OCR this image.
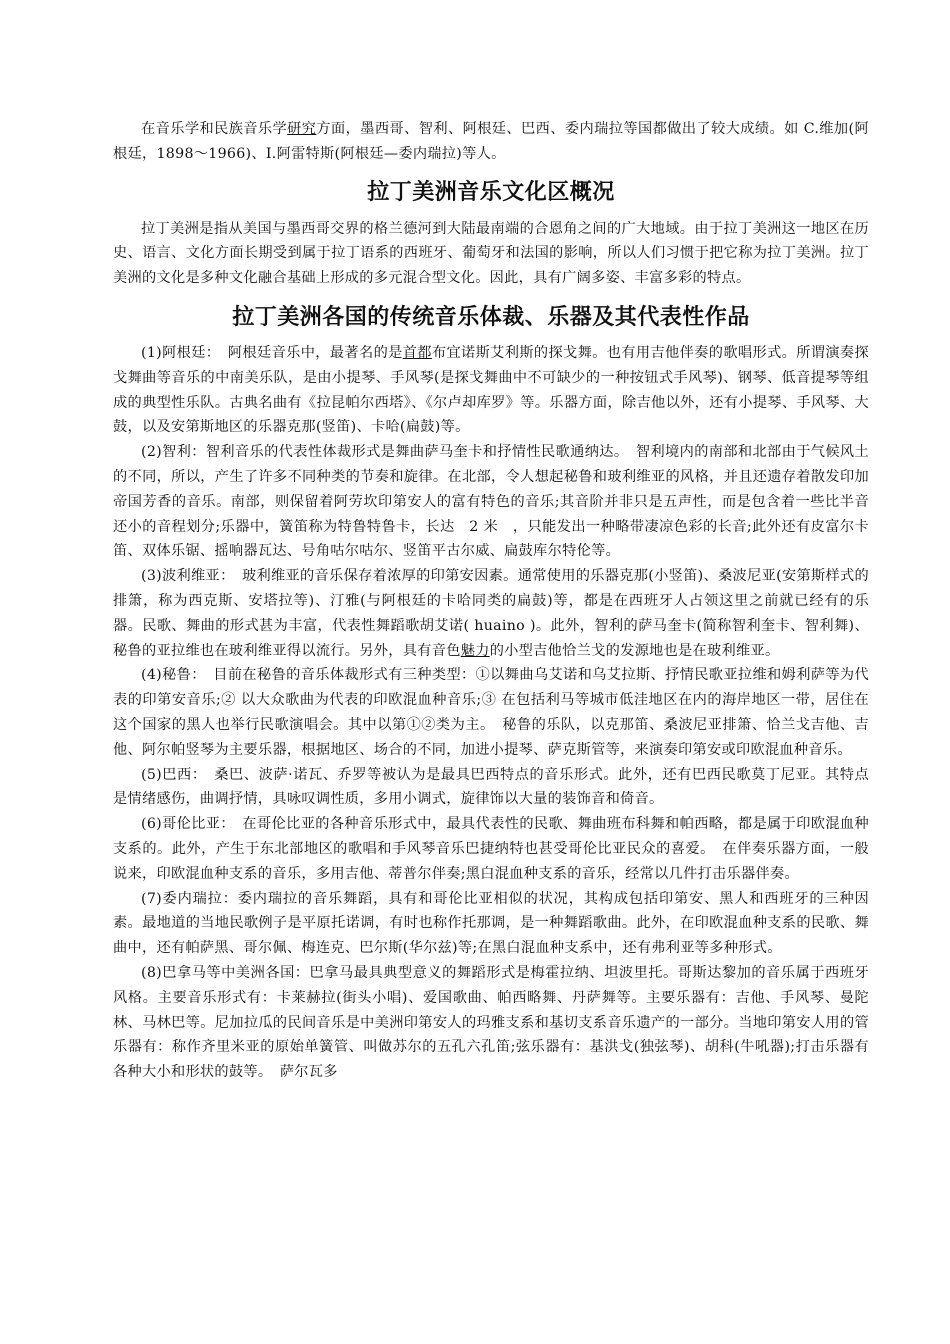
在音乐学和民族音乐学研究方面，墨西哥、智利、阿根廷、巴西、委内瑞拉等国都做出了较大成绩。如 C.维加(阿根廷，1898～1966)、I.阿雷特斯(阿根廷—委内瑞拉)等人。

拉丁美洲音乐文化区概况

拉丁美洲是指从美国与墨西哥交界的格兰德河到大陆最南端的合恩角之间的广大地域。由于拉丁美洲这一地区在历史、语言、文化方面长期受到属于拉丁语系的西班牙、葡萄牙和法国的影响，所以人们习惯于把它称为拉丁美洲。拉丁美洲的文化是多种文化融合基础上形成的多元混合型文化。因此，具有广阔多姿、丰富多彩的特点。

拉丁美洲各国的传统音乐体裁、乐器及其代表性作品

(1)阿根廷：　阿根廷音乐中，最著名的是首都布宜诺斯艾利斯的探戈舞。也有用吉他伴奏的歌唱形式。所谓演奏探戈舞曲等音乐的中南美乐队，是由小提琴、手风琴(是探戈舞曲中不可缺少的一种按钮式手风琴)、钢琴、低音提琴等组成的典型性乐队。古典名曲有《拉昆帕尔西塔》、《尔卢却库罗》等。乐器方面，除吉他以外，还有小提琴、手风琴、大鼓，以及安第斯地区的乐器克那(竖笛)、卡哈(扁鼓)等。

(2)智利：智利音乐的代表性体裁形式是舞曲萨马奎卡和抒情性民歌通纳达。　智利境内的南部和北部由于气候风土的不同，所以，产生了许多不同种类的节奏和旋律。在北部，令人想起秘鲁和玻利维亚的风格，并且还遗存着散发印加帝国芳香的音乐。南部，则保留着阿劳坎印第安人的富有特色的音乐;其音阶并非只是五声性，而是包含着一些比半音还小的音程划分;乐器中，簧笛称为特鲁特鲁卡，长达　2 米　，只能发出一种略带凄凉色彩的长音;此外还有皮富尔卡笛、双体乐锯、摇响器瓦达、号角咕尔咕尔、竖笛平古尔威、扁鼓库尔特伦等。

(3)波利维亚：　玻利维亚的音乐保存着浓厚的印第安因素。通常使用的乐器克那(小竖笛)、桑波尼亚(安第斯样式的排箫，称为西克斯、安塔拉等)、汀雅(与阿根廷的卡哈同类的扁鼓)等，都是在西班牙人占领这里之前就已经有的乐器。民歌、舞曲的形式甚为丰富，代表性舞蹈歌胡艾诺( huaino )。此外，智利的萨马奎卡(简称智利奎卡、智利舞)、秘鲁的亚拉维也在玻利维亚得以流行。另外，具有音色魅力的小型吉他恰兰戈的发源地也是在玻利维亚。

(4)秘鲁：　目前在秘鲁的音乐体裁形式有三种类型：①以舞曲乌艾诺和乌艾拉斯、抒情民歌亚拉维和姆利萨等为代表的印第安音乐;② 以大众歌曲为代表的印欧混血种音乐;③ 在包括利马等城市低洼地区在内的海岸地区一带，居住在这个国家的黑人也举行民歌演唱会。其中以第①②类为主。　秘鲁的乐队，以克那笛、桑波尼亚排箫、恰兰戈吉他、吉他、阿尔帕竖琴为主要乐器，根据地区、场合的不同，加进小提琴、萨克斯管等，来演奏印第安或印欧混血种音乐。

(5)巴西：　桑巴、波萨·诺瓦、乔罗等被认为是最具巴西特点的音乐形式。此外，还有巴西民歌莫丁尼亚。其特点是情绪感伤，曲调抒情，具咏叹调性质，多用小调式，旋律饰以大量的装饰音和倚音。

(6)哥伦比亚：　在哥伦比亚的各种音乐形式中，最具代表性的民歌、舞曲班布科舞和帕西略，都是属于印欧混血种支系的。此外，产生于东北部地区的歌唱和手风琴音乐巴捷纳特也甚受哥伦比亚民众的喜爱。　在伴奏乐器方面，一般说来，印欧混血种支系的音乐，多用吉他、蒂普尔伴奏;黑白混血种支系的音乐，经常以几件打击乐器伴奏。

(7)委内瑞拉：委内瑞拉的音乐舞蹈，具有和哥伦比亚相似的状况，其构成包括印第安、黑人和西班牙的三种因素。最地道的当地民歌例子是平原托诺调，有时也称作托那调，是一种舞蹈歌曲。此外，在印欧混血种支系的民歌、舞曲中，还有帕萨黑、哥尔佩、梅连克、巴尔斯(华尔兹)等;在黑白混血种支系中，还有弗利亚等多种形式。

(8)巴拿马等中美洲各国：巴拿马最具典型意义的舞蹈形式是梅霍拉纳、坦波里托。哥斯达黎加的音乐属于西班牙风格。主要音乐形式有：卡莱赫拉(街头小唱)、爱国歌曲、帕西略舞、丹萨舞等。主要乐器有：吉他、手风琴、曼陀林、马林巴等。尼加拉瓜的民间音乐是中美洲印第安人的玛雅支系和基切支系音乐遗产的一部分。当地印第安人用的管乐器有：称作齐里米亚的原始单簧管、叫做苏尔的五孔六孔笛;弦乐器有：基洪戈(独弦琴)、胡科(牛吼器);打击乐器有各种大小和形状的鼓等。　萨尔瓦多
